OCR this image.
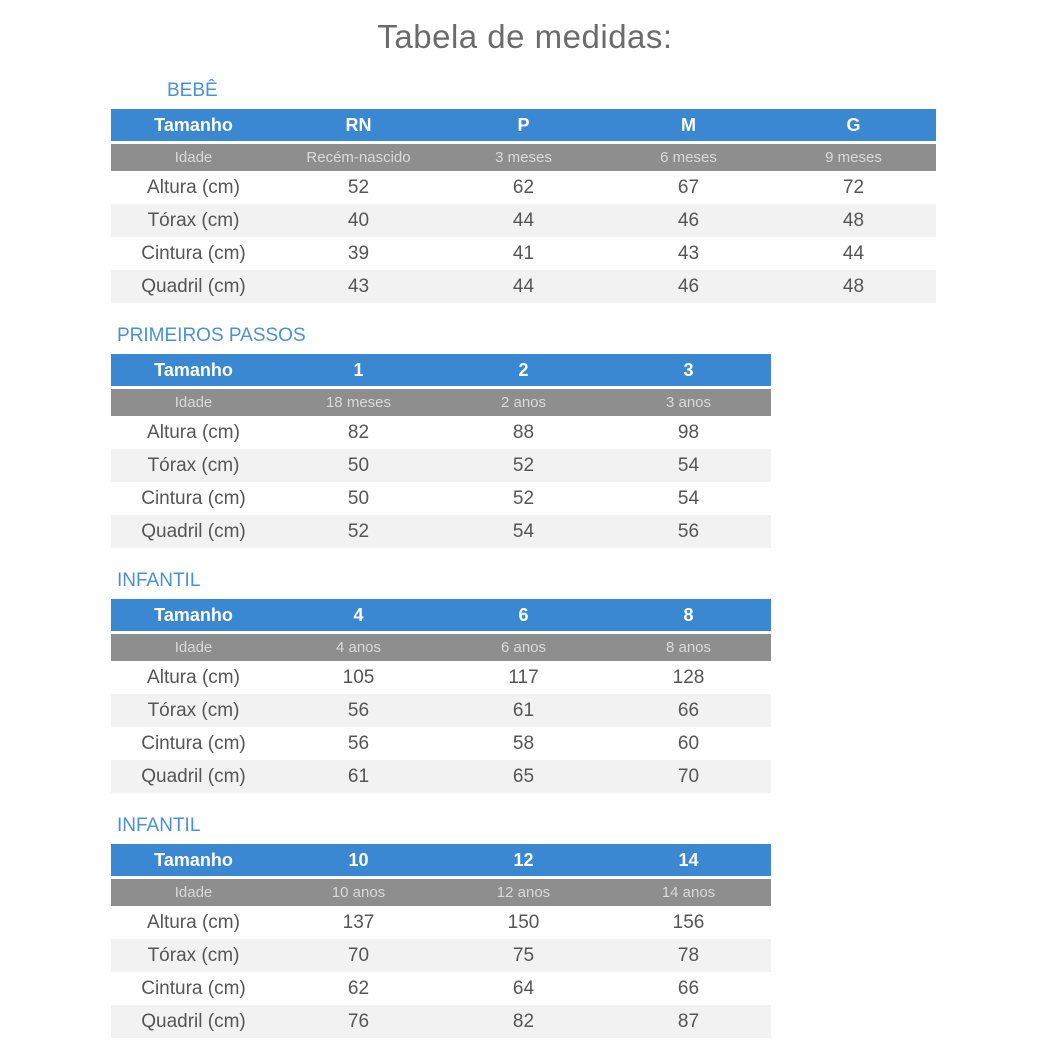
Tabela de medidas:
BEBÊ
Tamanho	RN	P	M	G

Idade	Recém-nascido	3 meses	6 meses	9 meses
Altura (cm)	52	62	67	72
Tórax (cm)	40	44	46	48
Cintura (cm)	39	41	43	44
Quadril (cm)	43	44	46	48
PRIMEIROS PASSOS
Tamanho	1	2	3

Idade	18 meses	2 anos	3 anos
Altura (cm)	82	88	98
Tórax (cm)	50	52	54
Cintura (cm)	50	52	54
Quadril (cm)	52	54	56
INFANTIL
Tamanho	4	6	8

Idade	4 anos	6 anos	8 anos
Altura (cm)	105	117	128
Tórax (cm)	56	61	66
Cintura (cm)	56	58	60
Quadril (cm)	61	65	70
INFANTIL
Tamanho	10	12	14

Idade	10 anos	12 anos	14 anos
Altura (cm)	137	150	156
Tórax (cm)	70	75	78
Cintura (cm)	62	64	66
Quadril (cm)	76	82	87
